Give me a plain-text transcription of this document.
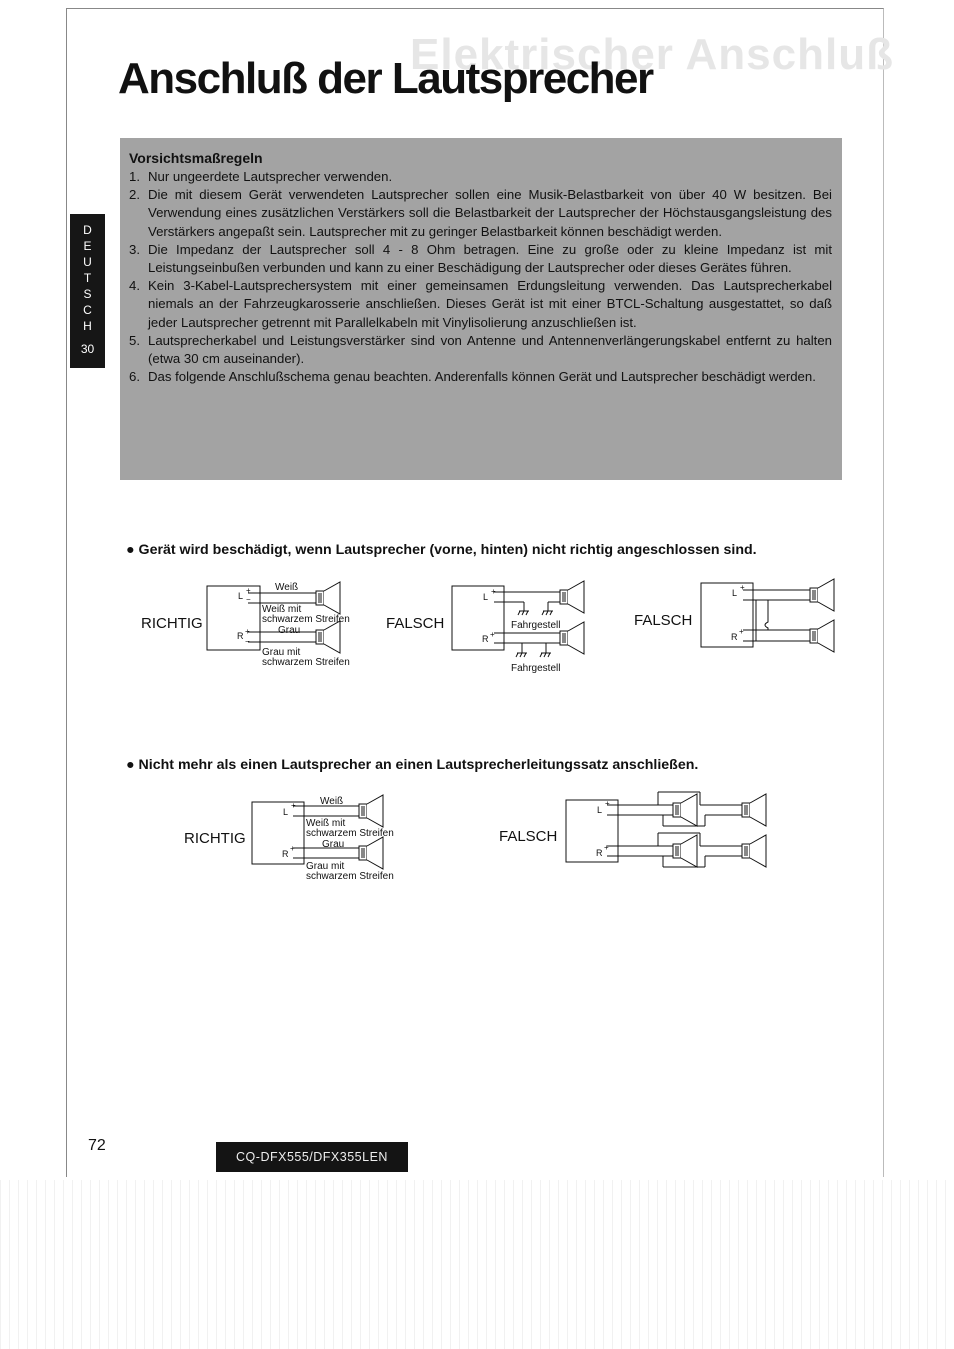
Elektrischer Anschluß
Anschluß der Lautsprecher
D
E
U
T
S
C
H
30
Vorsichtsmaßregeln
1. Nur ungeerdete Lautsprecher verwenden.
2. Die mit diesem Gerät verwendeten Lautsprecher sollen eine Musik-Belastbarkeit von über 40 W besitzen. Bei Verwendung eines zusätzlichen Verstärkers soll die Belastbarkeit der Lautsprecher der Höchstausgangsleistung des Verstärkers angepaßt sein. Lautsprecher mit zu geringer Belastbarkeit können beschädigt werden.
3. Die Impedanz der Lautsprecher soll 4 - 8 Ohm betragen. Eine zu große oder zu kleine Impedanz ist mit Leistungseinbußen verbunden und kann zu einer Beschädigung der Lautsprecher oder dieses Gerätes führen.
4. Kein 3-Kabel-Lautsprechersystem mit einer gemeinsamen Erdungsleitung verwenden. Das Lautsprecherkabel niemals an der Fahrzeugkarosserie anschließen. Dieses Gerät ist mit einer BTCL-Schaltung ausgestattet, so daß jeder Lautsprecher getrennt mit Parallelkabeln mit Vinylisolierung anzuschließen ist.
5. Lautsprecherkabel und Leistungsverstärker sind von Antenne und Antennenverlängerungskabel entfernt zu halten (etwa 30 cm auseinander).
6. Das folgende Anschlußschema genau beachten. Anderenfalls können Gerät und Lautsprecher beschädigt werden.

● Gerät wird beschädigt, wenn Lautsprecher (vorne, hinten) nicht richtig angeschlossen sind.

● Nicht mehr als einen Lautsprecher an einen Lautsprecherleitungssatz anschließen.

RICHTIG
L
R
Weiß
Weiß mit
schwarzem Streifen
Grau
Grau mit
schwarzem Streifen
FALSCH
L
R
Fahrgestell
Fahrgestell
FALSCH
L
R
RICHTIG
L
R
Weiß
Weiß mit
schwarzem Streifen
Grau
Grau mit
schwarzem Streifen
FALSCH
L
R
+
−
+
−
+
+
+
+
+
+
+
+
72
CQ-DFX555/DFX355LEN
